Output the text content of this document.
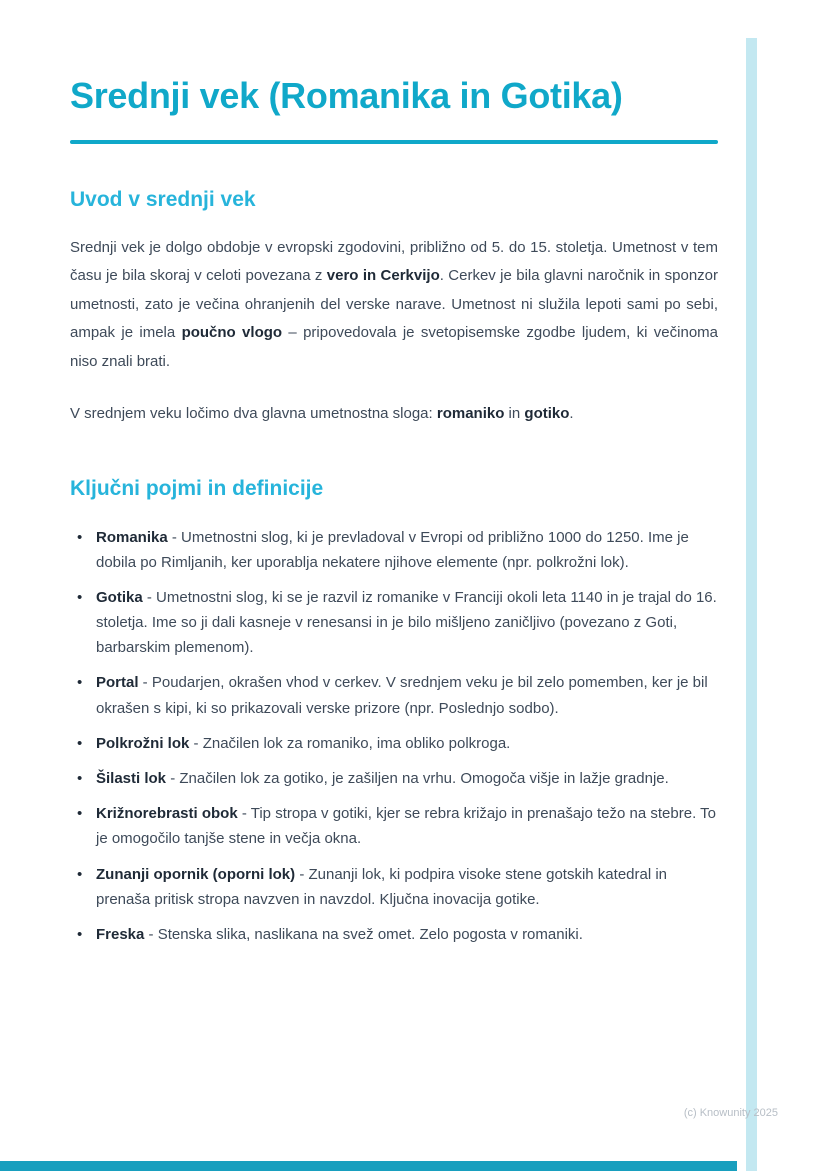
Srednji vek (Romanika in Gotika)
Uvod v srednji vek

Srednji vek je dolgo obdobje v evropski zgodovini, približno od 5. do 15. stoletja. Umetnost v tem času je bila skoraj v celoti povezana z vero in Cerkvijo. Cerkev je bila glavni naročnik in sponzor umetnosti, zato je večina ohranjenih del verske narave. Umetnost ni služila lepoti sami po sebi, ampak je imela poučno vlogo – pripovedovala je svetopisemske zgodbe ljudem, ki večinoma niso znali brati.

V srednjem veku ločimo dva glavna umetnostna sloga: romaniko in gotiko.

Ključni pojmi in definicije
• Romanika - Umetnostni slog, ki je prevladoval v Evropi od približno 1000 do 1250. Ime je dobila po Rimljanih, ker uporablja nekatere njihove elemente (npr. polkrožni lok).
• Gotika - Umetnostni slog, ki se je razvil iz romanike v Franciji okoli leta 1140 in je trajal do 16. stoletja. Ime so ji dali kasneje v renesansi in je bilo mišljeno zaničljivo (povezano z Goti, barbarskim plemenom).
• Portal - Poudarjen, okrašen vhod v cerkev. V srednjem veku je bil zelo pomemben, ker je bil okrašen s kipi, ki so prikazovali verske prizore (npr. Poslednjo sodbo).
• Polkrožni lok - Značilen lok za romaniko, ima obliko polkroga.
• Šilasti lok - Značilen lok za gotiko, je zašiljen na vrhu. Omogoča višje in lažje gradnje.
• Križnorebrasti obok - Tip stropa v gotiki, kjer se rebra križajo in prenašajo težo na stebre. To je omogočilo tanjše stene in večja okna.
• Zunanji opornik (oporni lok) - Zunanji lok, ki podpira visoke stene gotskih katedral in prenaša pritisk stropa navzven in navzdol. Ključna inovacija gotike.
• Freska - Stenska slika, naslikana na svež omet. Zelo pogosta v romaniki.
(c) Knowunity 2025
